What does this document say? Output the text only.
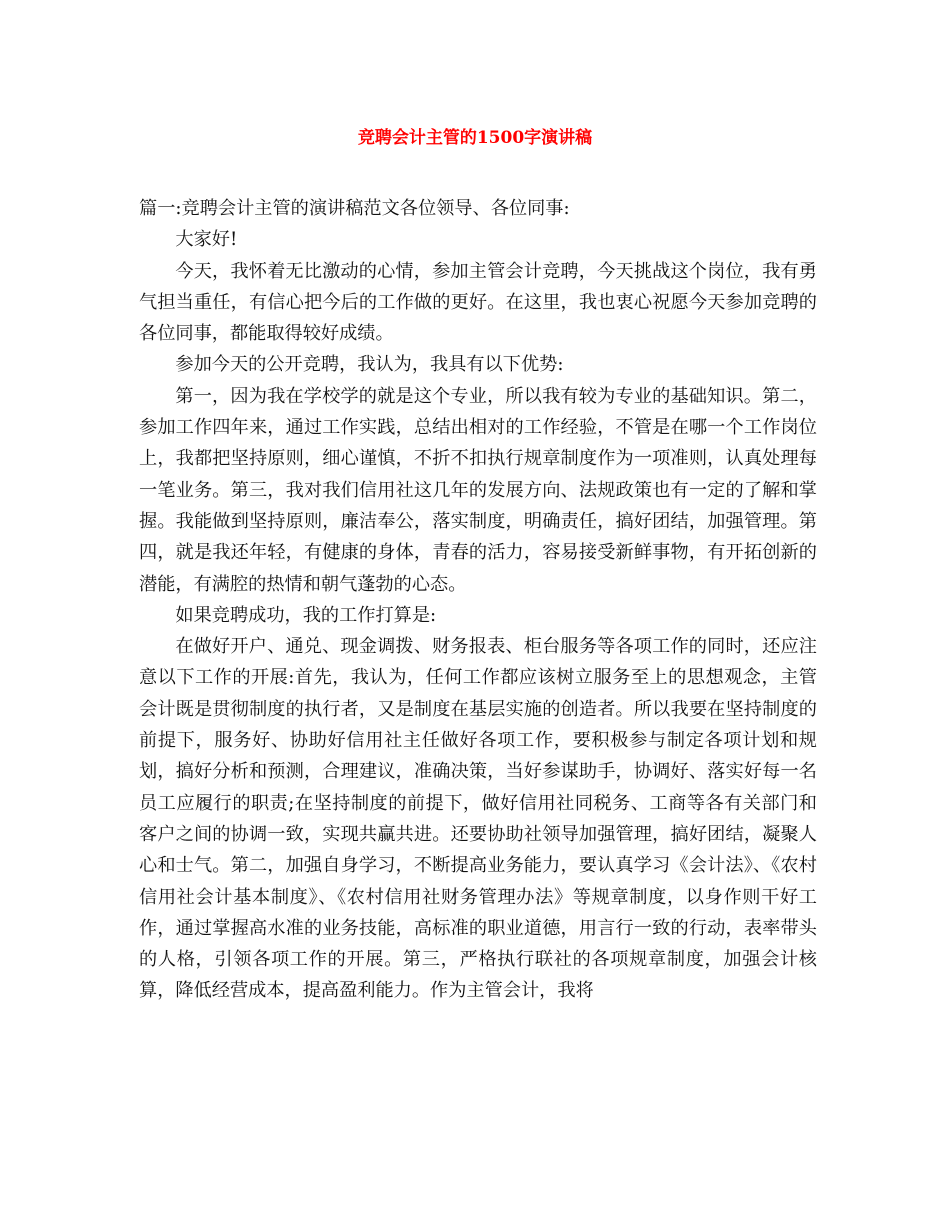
竞聘会计主管的1500字演讲稿

篇一:竞聘会计主管的演讲稿范文各位领导、各位同事:

大家好!

今天，我怀着无比激动的心情，参加主管会计竞聘，今天挑战这个岗位，我有勇气担当重任，有信心把今后的工作做的更好。在这里，我也衷心祝愿今天参加竞聘的各位同事，都能取得较好成绩。

参加今天的公开竞聘，我认为，我具有以下优势:

第一，因为我在学校学的就是这个专业，所以我有较为专业的基础知识。第二，参加工作四年来，通过工作实践，总结出相对的工作经验，不管是在哪一个工作岗位上，我都把坚持原则，细心谨慎，不折不扣执行规章制度作为一项准则，认真处理每一笔业务。第三，我对我们信用社这几年的发展方向、法规政策也有一定的了解和掌握。我能做到坚持原则，廉洁奉公，落实制度，明确责任，搞好团结，加强管理。第四，就是我还年轻，有健康的身体，青春的活力，容易接受新鲜事物，有开拓创新的潜能，有满腔的热情和朝气蓬勃的心态。

如果竞聘成功，我的工作打算是:

在做好开户、通兑、现金调拨、财务报表、柜台服务等各项工作的同时，还应注意以下工作的开展:首先，我认为，任何工作都应该树立服务至上的思想观念，主管会计既是贯彻制度的执行者，又是制度在基层实施的创造者。所以我要在坚持制度的前提下，服务好、协助好信用社主任做好各项工作，要积极参与制定各项计划和规划，搞好分析和预测，合理建议，准确决策，当好参谋助手，协调好、落实好每一名员工应履行的职责;在坚持制度的前提下，做好信用社同税务、工商等各有关部门和客户之间的协调一致，实现共赢共进。还要协助社领导加强管理，搞好团结，凝聚人心和士气。第二，加强自身学习，不断提高业务能力，要认真学习《会计法》、《农村信用社会计基本制度》、《农村信用社财务管理办法》等规章制度，以身作则干好工作，通过掌握高水准的业务技能，高标准的职业道德，用言行一致的行动，表率带头的人格，引领各项工作的开展。第三，严格执行联社的各项规章制度，加强会计核算，降低经营成本，提高盈利能力。作为主管会计，我将
